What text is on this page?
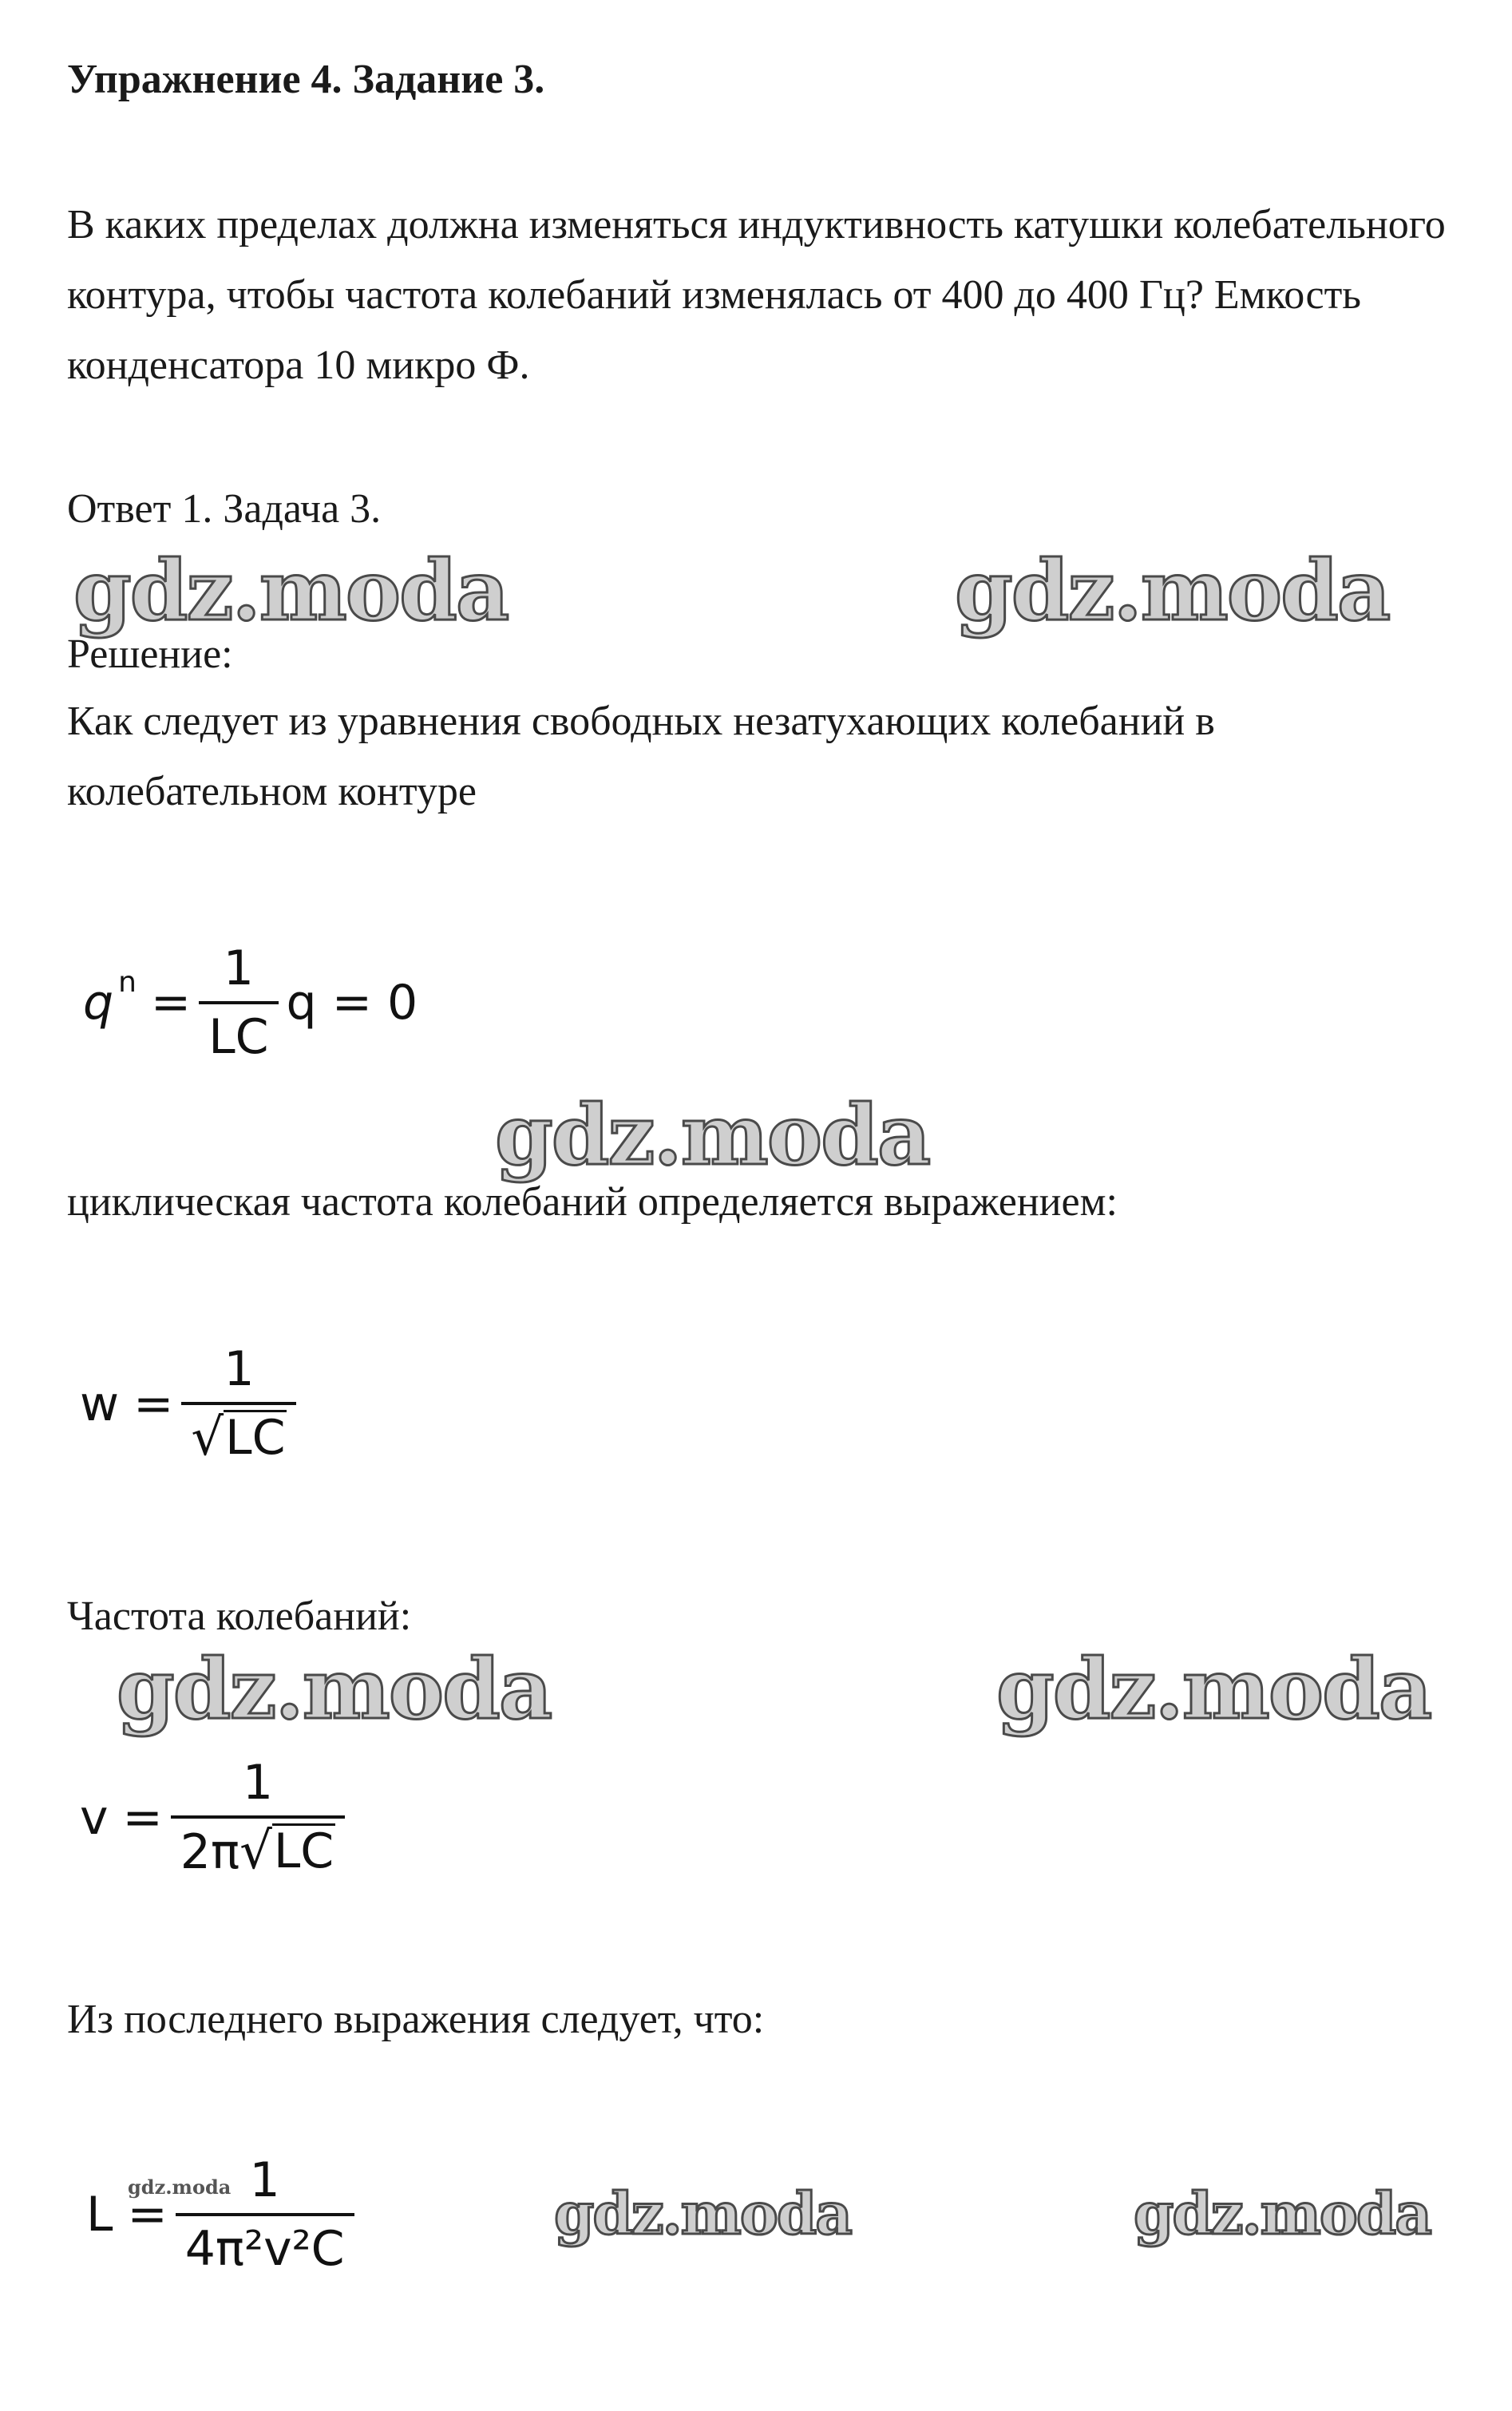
Упражнение 4. Задание 3.
В каких пределах должна изменяться индуктивность катушки колебательного контура, чтобы частота колебаний изменялась от 400 до 400 Гц? Емкость конденсатора 10 микро Ф.
Ответ 1. Задача 3.
gdz.moda	gdz.moda
Решение:
Как следует из уравнения свободных незатухающих колебаний в колебательном контуре
q $n = \frac{1}{LC}$ q = 0
gdz.moda
циклическая частота колебаний определяется выражением:
$w = \frac{1}{√ LC}$
Частота колебаний:
gdz.moda	gdz.moda
$v = \frac{1}{2\pi √ LC}$
Из последнего выражения следует, что:
$L = \frac{1}{\text{4π²v²C}}$
gdz.moda	gdz.moda	gdz.moda
